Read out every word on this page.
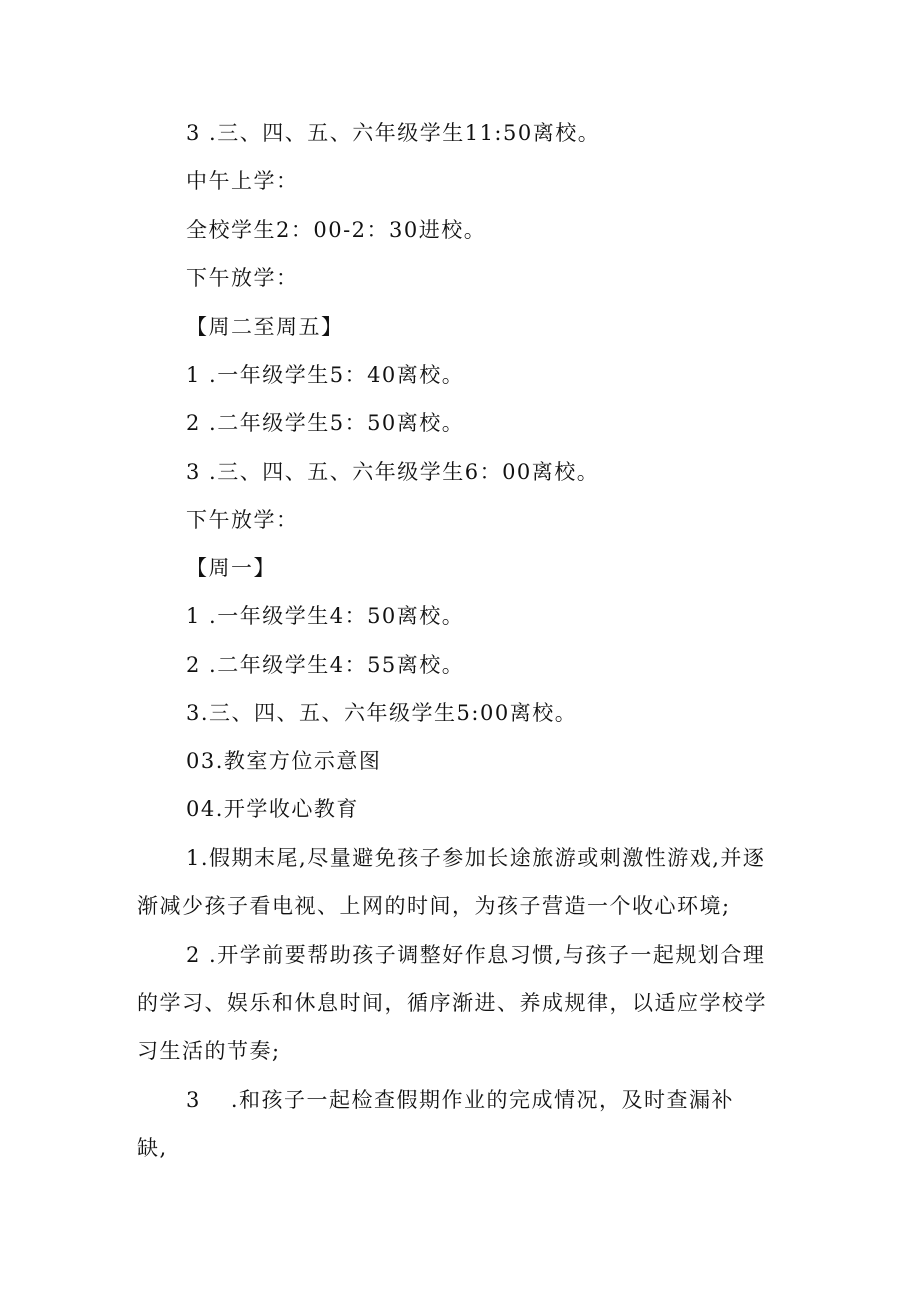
3 .三、四、五、六年级学生11:50离校。
中午上学：
全校学生2：00-2：30进校。
下午放学：
【周二至周五】
1 .一年级学生5：40离校。
2 .二年级学生5：50离校。
3 .三、四、五、六年级学生6：00离校。
下午放学：
【周一】
1 .一年级学生4：50离校。
2 .二年级学生4：55离校。
3.三、四、五、六年级学生5:00离校。
03.教室方位示意图
04.开学收心教育
1.假期末尾,尽量避免孩子参加长途旅游或刺激性游戏,并逐
渐减少孩子看电视、上网的时间，为孩子营造一个收心环境;
2 .开学前要帮助孩子调整好作息习惯,与孩子一起规划合理
的学习、娱乐和休息时间，循序渐进、养成规律，以适应学校学
习生活的节奏;
3 .和孩子一起检查假期作业的完成情况，及时查漏补
缺,
